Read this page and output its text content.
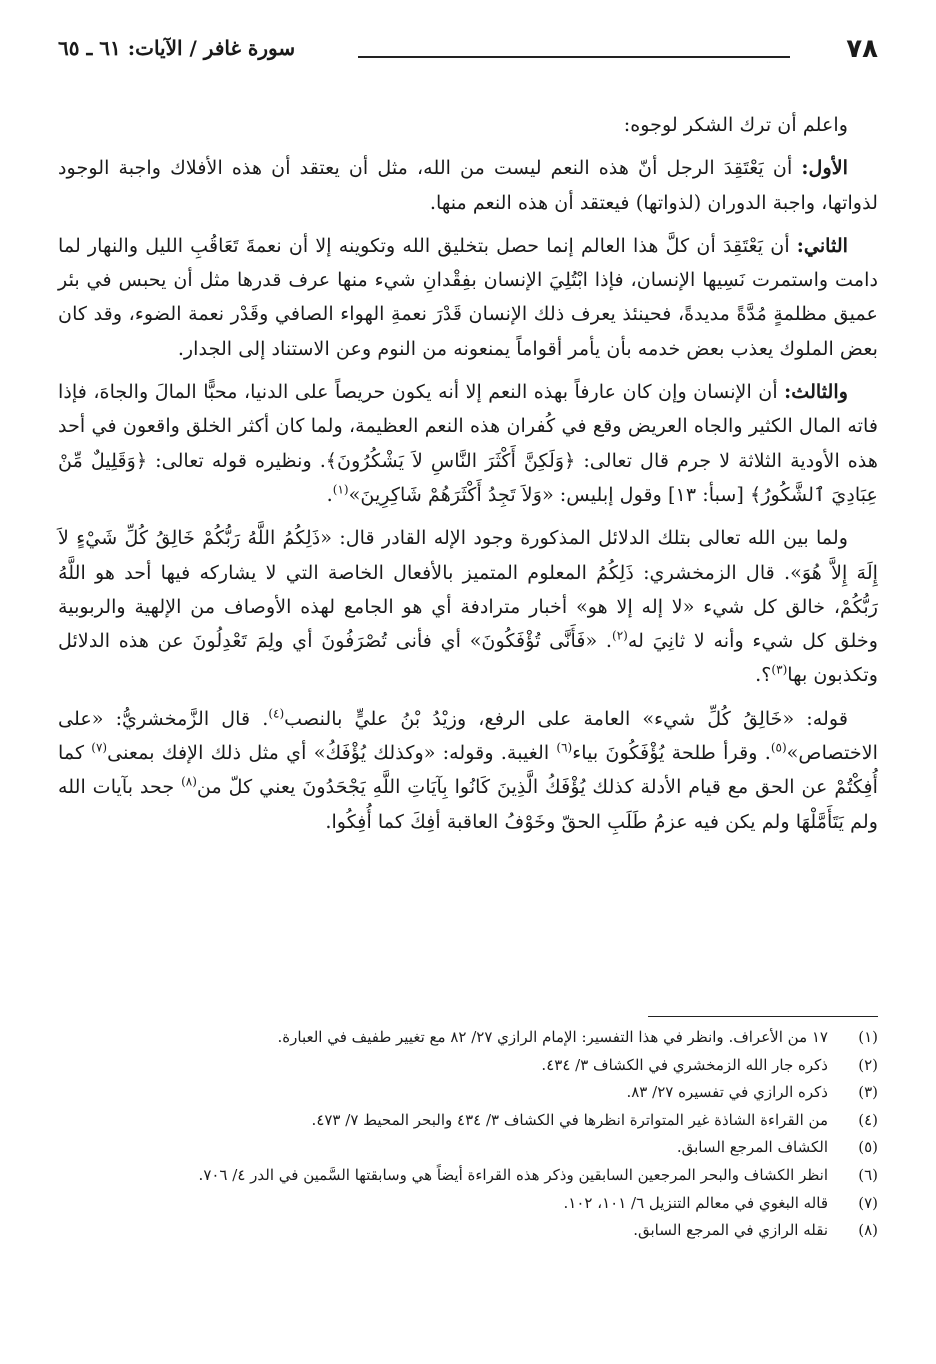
٧٨
سورة غافر / الآيات: ٦١ ـ ٦٥

واعلم أن ترك الشكر لوجوه:

الأول: أن يَعْتَقِدَ الرجل أنّ هذه النعم ليست من الله، مثل أن يعتقد أن هذه الأفلاك واجبة الوجود لذواتها، واجبة الدوران (لذواتها) فيعتقد أن هذه النعم منها.

الثاني: أن يَعْتَقِدَ أن كلَّ هذا العالم إنما حصل بتخليق الله وتكوينه إلا أن نعمةَ تَعَاقُبِ الليل والنهار لما دامت واستمرت نَسِيها الإنسان، فإذا ابْتُلِيَ الإنسان بفِقْدانِ شيء منها عرف قدرها مثل أن يحبس في بئر عميق مظلمةٍ مُدَّةً مديدةً، فحينئذ يعرف ذلك الإنسان قَدْرَ نعمةِ الهواء الصافي وقَدْر نعمة الضوء، وقد كان بعض الملوك يعذب بعض خدمه بأن يأمر أقواماً يمنعونه من النوم وعن الاستناد إلى الجدار.

والثالث: أن الإنسان وإن كان عارفاً بهذه النعم إلا أنه يكون حريصاً على الدنيا، محبًّا المالَ والجاهَ، فإذا فاته المال الكثير والجاه العريض وقع في كُفران هذه النعم العظيمة، ولما كان أكثر الخلق واقعون في أحد هذه الأودية الثلاثة لا جرم قال تعالى: ﴿وَلَكِنَّ أَكْثَرَ النَّاسِ لاَ يَشْكُرُونَ﴾. ونظيره قوله تعالى: ﴿وَقَلِيلٌ مِّنْ عِبَادِيَ ٱلشَّكُورُ﴾ [سبأ: ١٣] وقول إبليس: «وَلاَ تَجِدُ أَكْثَرَهُمْ شَاكِرِينَ»$^{(١)}$.

ولما بين الله تعالى بتلك الدلائل المذكورة وجود الإله القادر قال: «ذَلِكُمُ اللَّهُ رَبُّكُمْ خَالِقُ كُلِّ شَيْءٍ لاَ إِلَهَ إِلاَّ هُوَ». قال الزمخشري: ذَلِكُمُ المعلوم المتميز بالأفعال الخاصة التي لا يشاركه فيها أحد هو اللَّهُ رَبُّكُمْ، خالق كل شيء «لا إله إلا هو» أخبار مترادفة أي هو الجامع لهذه الأوصاف من الإلهية والربوبية وخلق كل شيء وأنه لا ثانِيَ له$^{(٢)}$. «فَأَنَّى تُؤْفَكُونَ» أي فأنى تُصْرَفُونَ أي ولِمَ تَعْدِلُونَ عن هذه الدلائل وتكذبون بها$^{(٣)}$؟.

قوله: «خَالِقُ كُلِّ شيء» العامة على الرفع، وزيْدُ بْنُ عليٍّ بالنصب$^{(٤)}$. قال الزَّمخشريُّ: «على الاختصاص»$^{(٥)}$. وقرأ طلحة يُؤْفَكُونَ بياء$^{(٦)}$ الغيبة. وقوله: «وكذلك يُؤْفَكُ» أي مثل ذلك الإفك بمعنى$^{(٧)}$ كما أُفِكْتُمْ عن الحق مع قيام الأدلة كذلك يُؤْفَكُ الَّذِينَ كَانُوا بِآيَاتِ اللَّهِ يَجْحَدُونَ يعني كلّ من$^{(٨)}$ جحد بآيات الله ولم يَتَأَمَّلْهَا ولم يكن فيه عزمُ طَلَبِ الحقّ وخَوْفُ العاقبة أفِكَ كما أُفِكُوا.

(١)
١٧ من الأعراف. وانظر في هذا التفسير: الإمام الرازي ٢٧/ ٨٢ مع تغيير طفيف في العبارة.
(٢)
ذكره جار الله الزمخشري في الكشاف ٣/ ٤٣٤.
(٣)
ذكره الرازي في تفسيره ٢٧/ ٨٣.
(٤)
من القراءة الشاذة غير المتواترة انظرها في الكشاف ٣/ ٤٣٤ والبحر المحيط ٧/ ٤٧٣.
(٥)
الكشاف المرجع السابق.
(٦)
انظر الكشاف والبحر المرجعين السابقين وذكر هذه القراءة أيضاً هي وسابقتها السَّمين في الدر ٤/ ٧٠٦.
(٧)
قاله البغوي في معالم التنزيل ٦/ ١٠١، ١٠٢.
(٨)
نقله الرازي في المرجع السابق.
